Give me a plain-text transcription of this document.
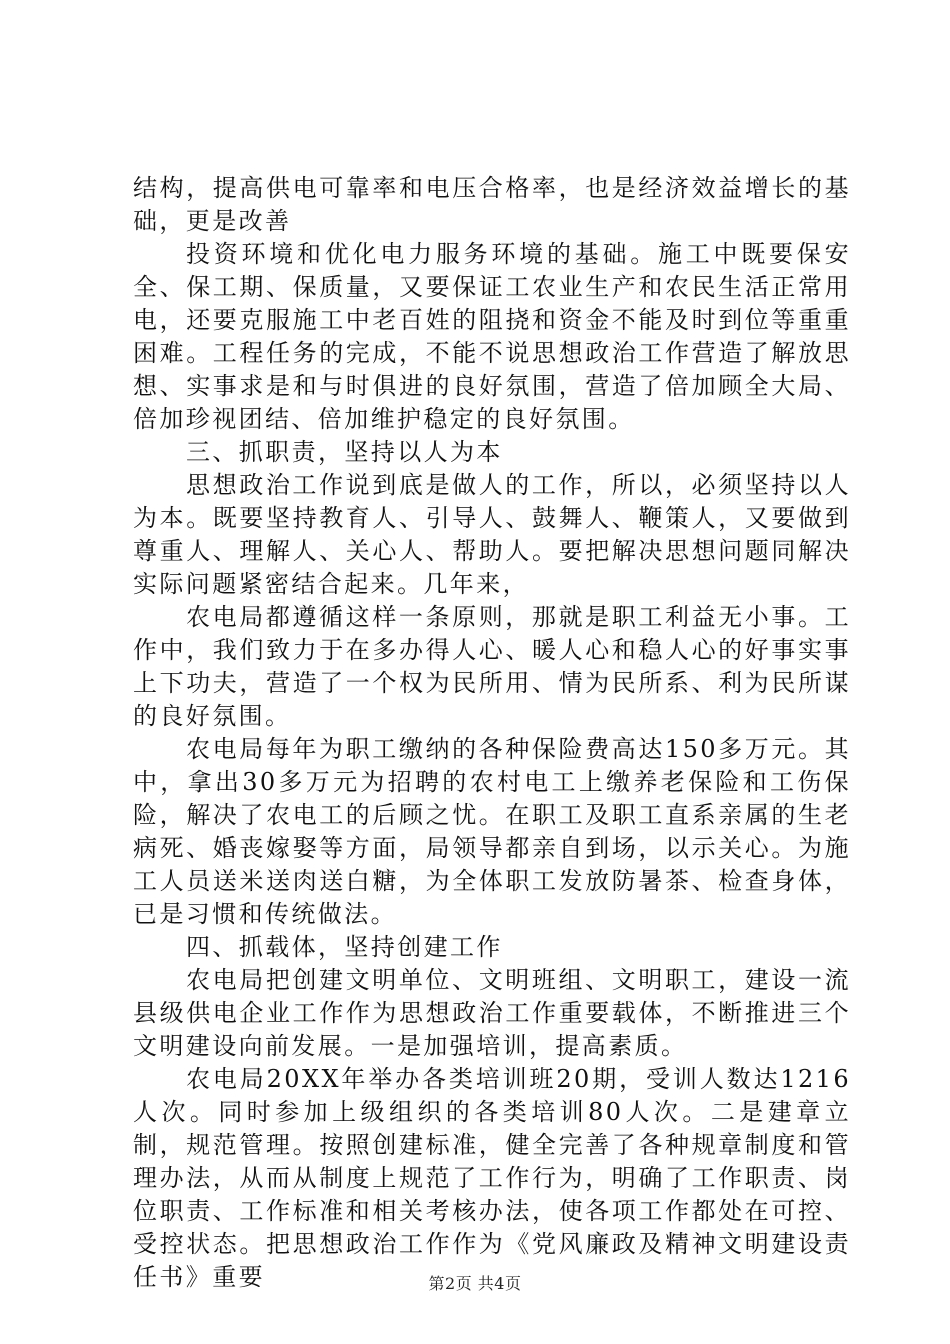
结构，提高供电可靠率和电压合格率，也是经济效益增长的基础，更是改善

投资环境和优化电力服务环境的基础。施工中既要保安全、保工期、保质量，又要保证工农业生产和农民生活正常用电，还要克服施工中老百姓的阻挠和资金不能及时到位等重重困难。工程任务的完成，不能不说思想政治工作营造了解放思想、实事求是和与时俱进的良好氛围，营造了倍加顾全大局、倍加珍视团结、倍加维护稳定的良好氛围。

三、抓职责，坚持以人为本

思想政治工作说到底是做人的工作，所以，必须坚持以人为本。既要坚持教育人、引导人、鼓舞人、鞭策人，又要做到尊重人、理解人、关心人、帮助人。要把解决思想问题同解决实际问题紧密结合起来。几年来，

农电局都遵循这样一条原则，那就是职工利益无小事。工作中，我们致力于在多办得人心、暖人心和稳人心的好事实事上下功夫，营造了一个权为民所用、情为民所系、利为民所谋的良好氛围。

农电局每年为职工缴纳的各种保险费高达150多万元。其中，拿出30多万元为招聘的农村电工上缴养老保险和工伤保险，解决了农电工的后顾之忧。在职工及职工直系亲属的生老病死、婚丧嫁娶等方面，局领导都亲自到场，以示关心。为施工人员送米送肉送白糖，为全体职工发放防暑茶、检查身体，已是习惯和传统做法。

四、抓载体，坚持创建工作

农电局把创建文明单位、文明班组、文明职工，建设一流县级供电企业工作作为思想政治工作重要载体，不断推进三个文明建设向前发展。一是加强培训，提高素质。

农电局20XX年举办各类培训班20期，受训人数达1216人次。同时参加上级组织的各类培训80人次。二是建章立制，规范管理。按照创建标准，健全完善了各种规章制度和管理办法，从而从制度上规范了工作行为，明确了工作职责、岗位职责、工作标准和相关考核办法，使各项工作都处在可控、受控状态。把思想政治工作作为《党风廉政及精神文明建设责任书》重要	第2页 共4页
